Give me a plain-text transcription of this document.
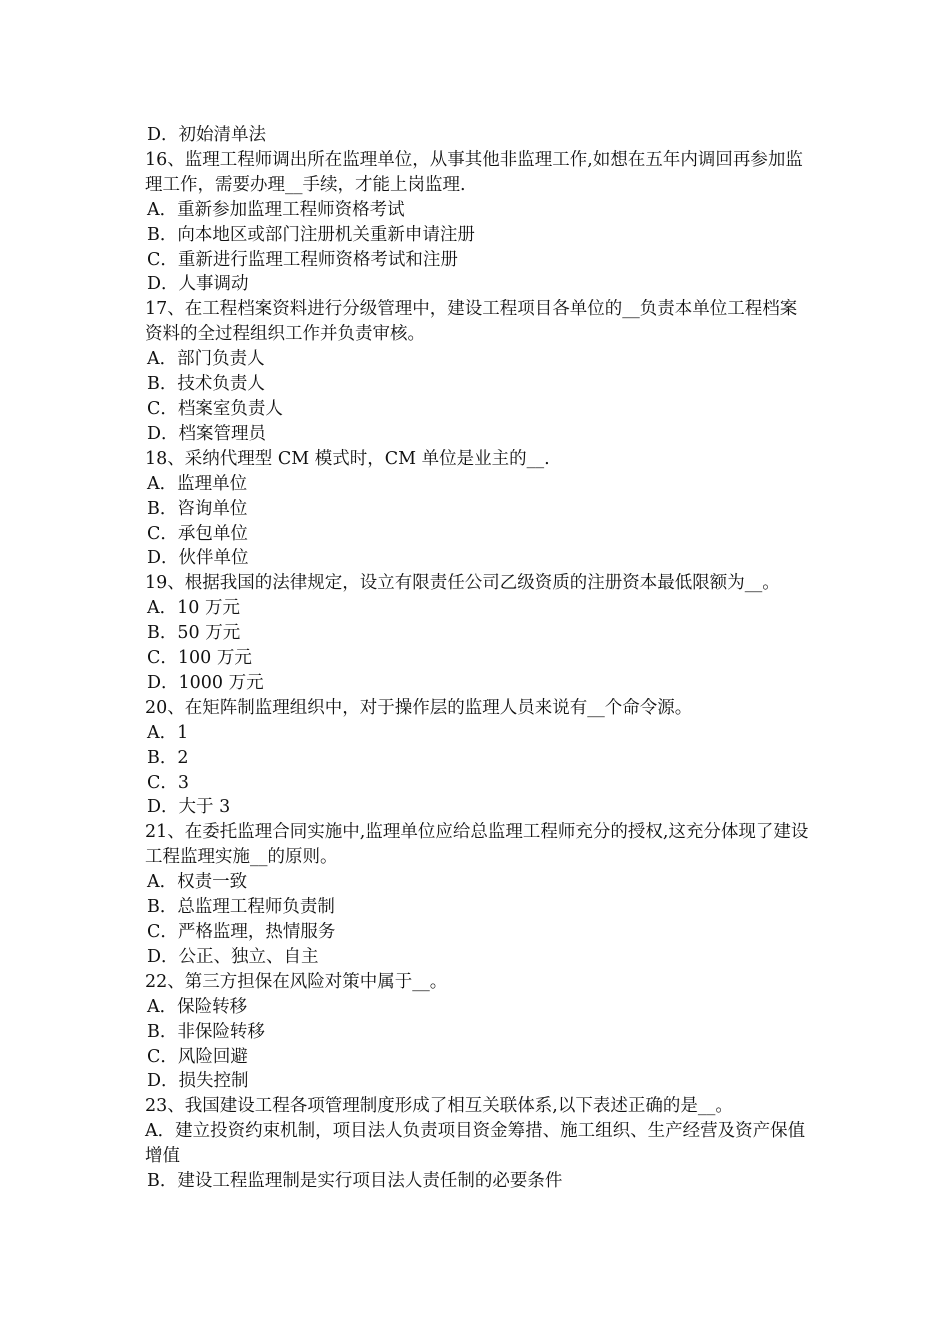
D．初始清单法

16、监理工程师调出所在监理单位，从事其他非监理工作,如想在五年内调回再参加监理工作，需要办理__手续，才能上岗监理.

A．重新参加监理工程师资格考试

B．向本地区或部门注册机关重新申请注册

C．重新进行监理工程师资格考试和注册

D．人事调动

17、在工程档案资料进行分级管理中，建设工程项目各单位的__负责本单位工程档案资料的全过程组织工作并负责审核。

A．部门负责人

B．技术负责人

C．档案室负责人

D．档案管理员

18、采纳代理型 CM 模式时，CM 单位是业主的__.

A．监理单位

B．咨询单位

C．承包单位

D．伙伴单位

19、根据我国的法律规定，设立有限责任公司乙级资质的注册资本最低限额为__。

A．10 万元

B．50 万元

C．100 万元

D．1000 万元

20、在矩阵制监理组织中，对于操作层的监理人员来说有__个命令源。

A．1

B．2

C．3

D．大于 3

21、在委托监理合同实施中,监理单位应给总监理工程师充分的授权,这充分体现了建设工程监理实施__的原则。

A．权责一致

B．总监理工程师负责制

C．严格监理，热情服务

D．公正、独立、自主

22、第三方担保在风险对策中属于__。

A．保险转移

B．非保险转移

C．风险回避

D．损失控制

23、我国建设工程各项管理制度形成了相互关联体系,以下表述正确的是__。

A．建立投资约束机制，项目法人负责项目资金筹措、施工组织、生产经营及资产保值增值

B．建设工程监理制是实行项目法人责任制的必要条件
